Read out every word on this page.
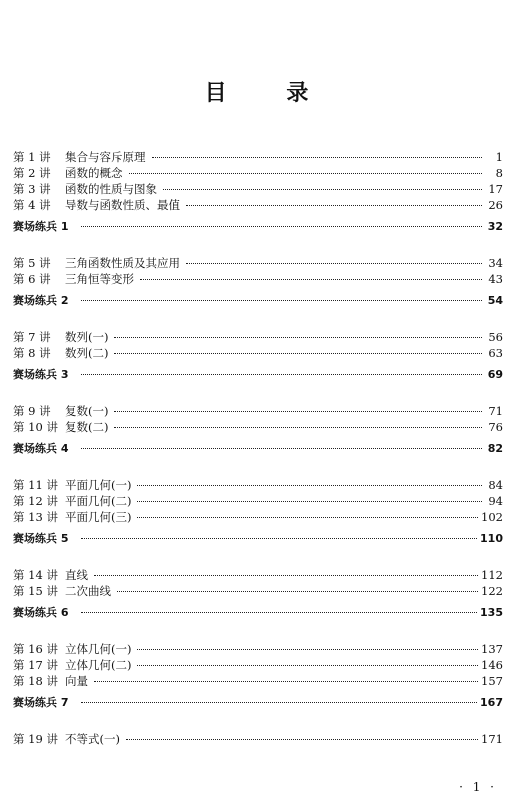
目 录
第 1 讲	集合与容斥原理	1
第 2 讲	函数的概念	8
第 3 讲	函数的性质与图象	17
第 4 讲	导数与函数性质、最值	26
赛场练兵 1	32
第 5 讲	三角函数性质及其应用	34
第 6 讲	三角恒等变形	43
赛场练兵 2	54
第 7 讲	数列(一)	56
第 8 讲	数列(二)	63
赛场练兵 3	69
第 9 讲	复数(一)	71
第 10 讲 复数(二)	76
赛场练兵 4	82
第 11 讲 平面几何(一)	84
第 12 讲 平面几何(二)	94
第 13 讲 平面几何(三)	102
赛场练兵 5	110
第 14 讲 直线	112
第 15 讲 二次曲线	122
赛场练兵 6	135
第 16 讲 立体几何(一)	137
第 17 讲 立体几何(二)	146
第 18 讲 向量	157
赛场练兵 7	167
第 19 讲 不等式(一)	171
· 1 ·
